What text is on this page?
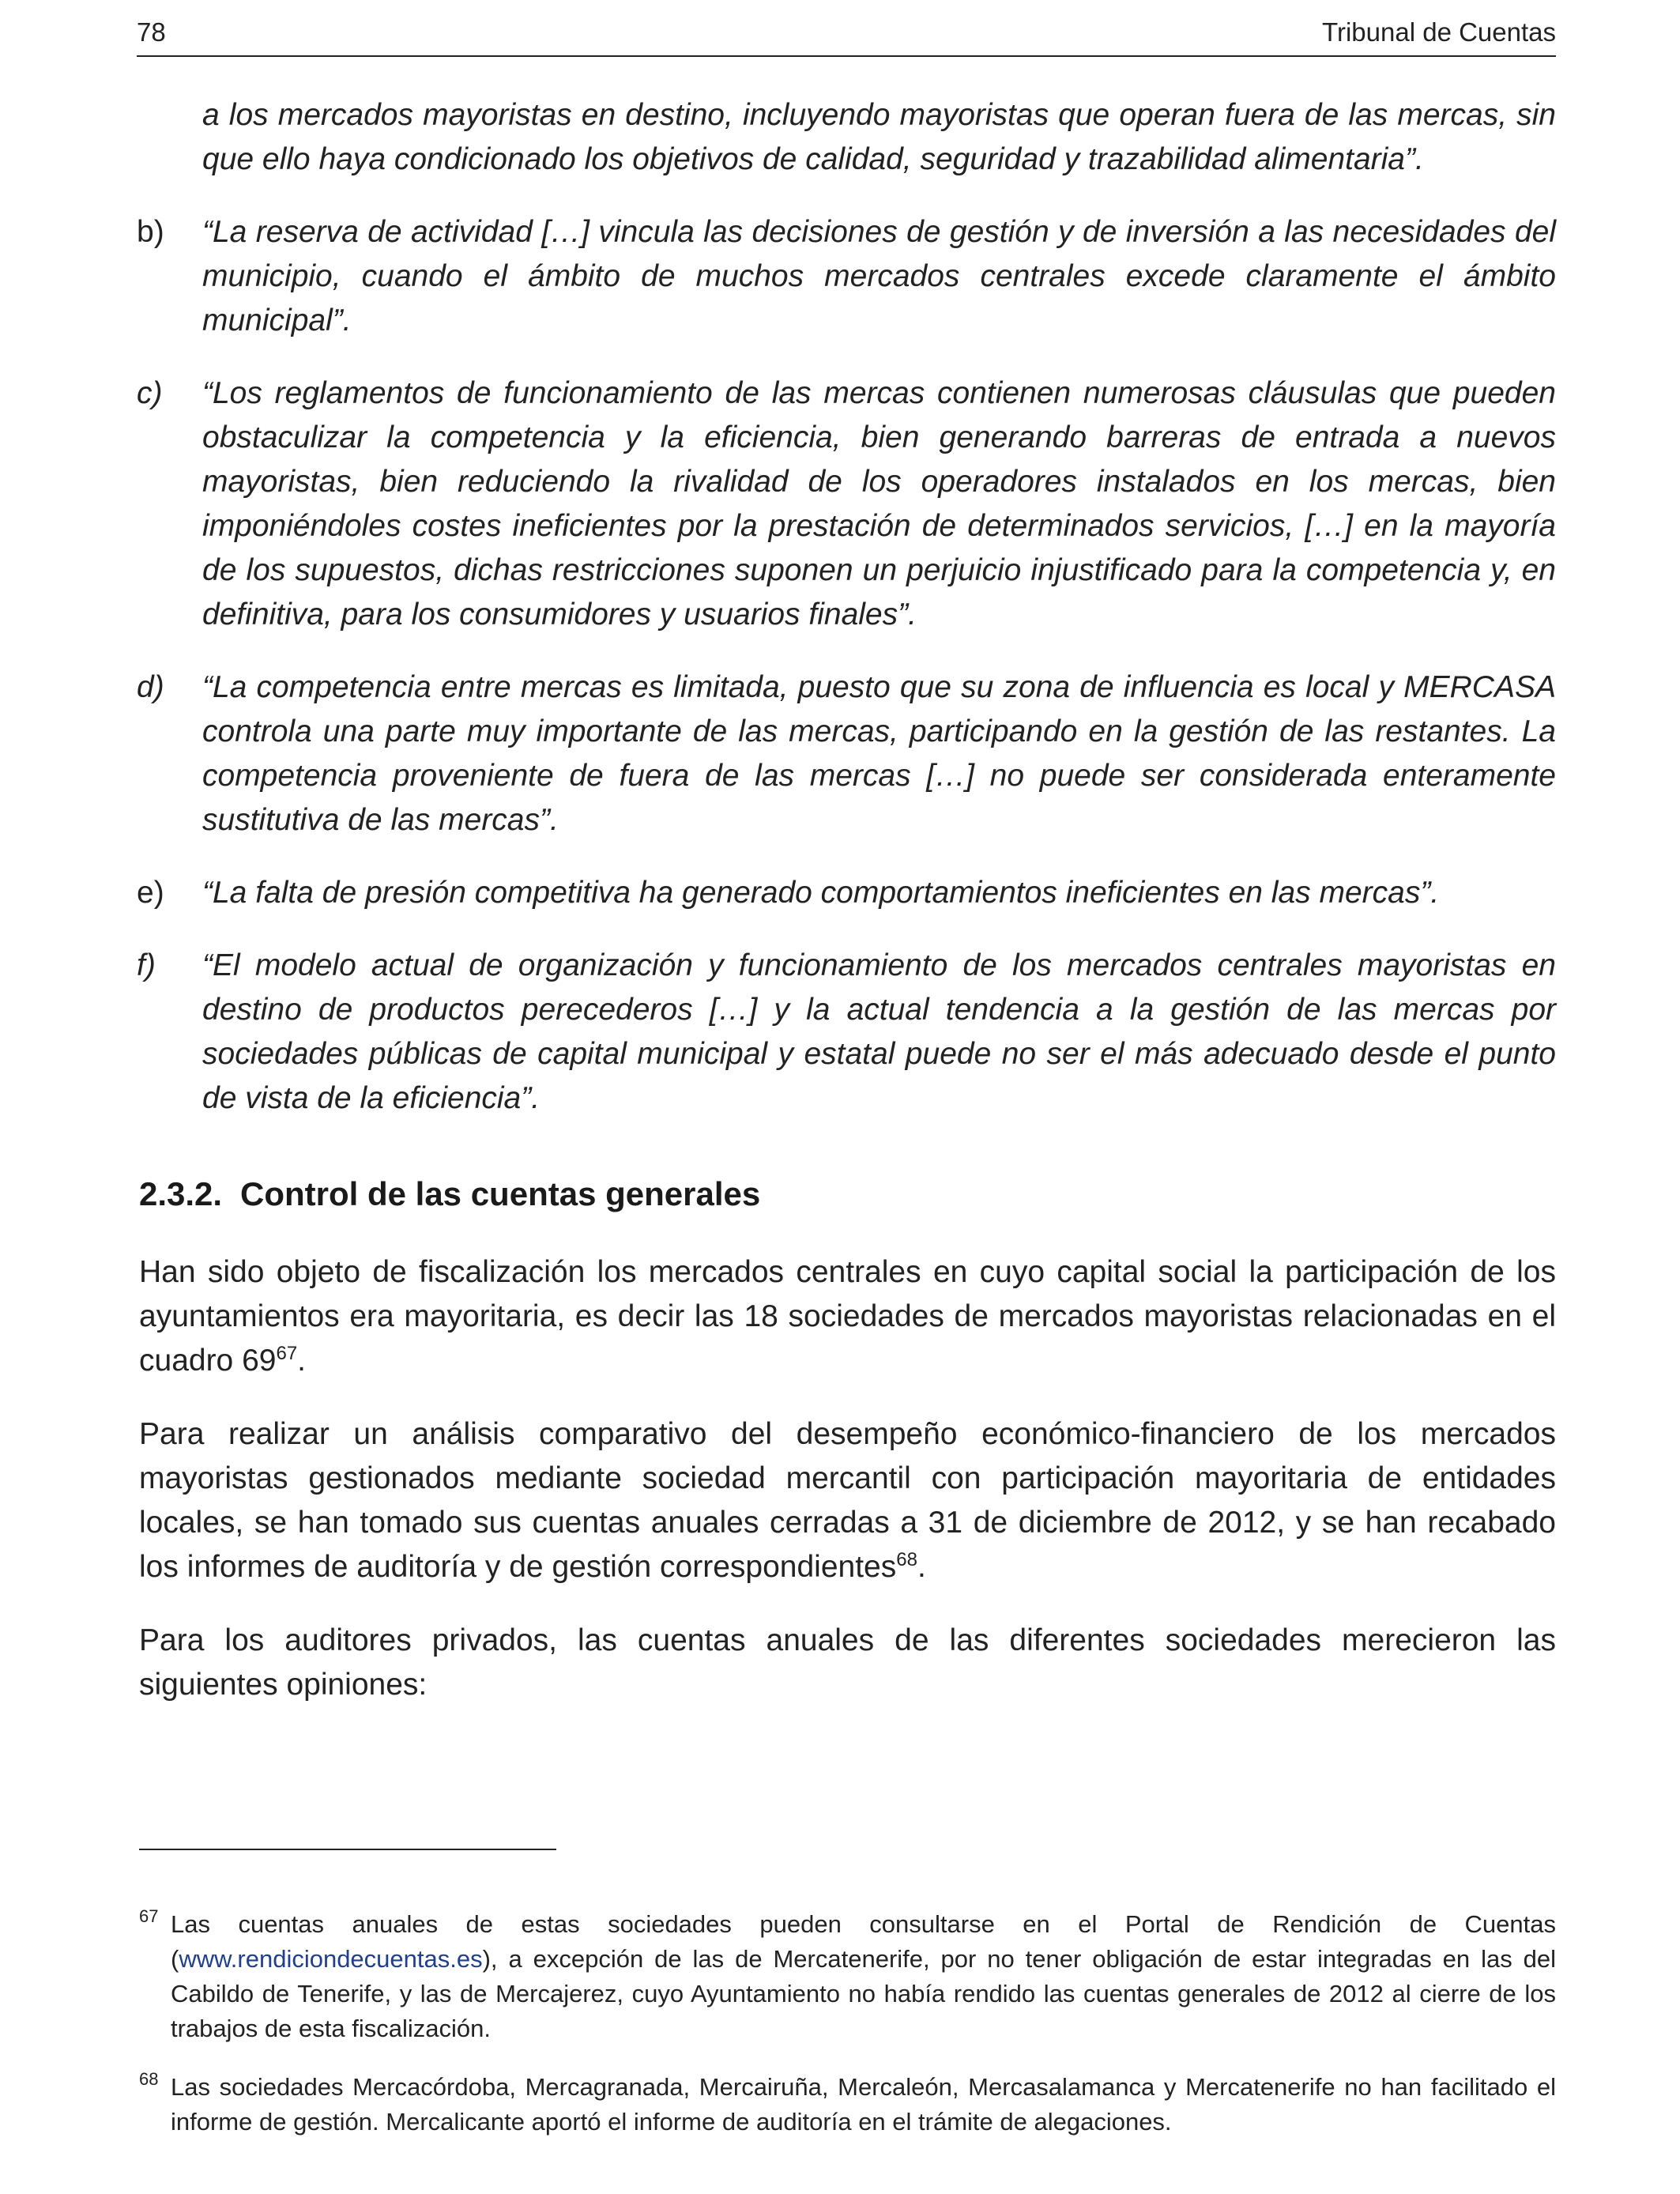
78	Tribunal de Cuentas
a los mercados mayoristas en destino, incluyendo mayoristas que operan fuera de las mercas, sin que ello haya condicionado los objetivos de calidad, seguridad y trazabilidad alimentaria”.
b)	“La reserva de actividad […] vincula las decisiones de gestión y de inversión a las necesidades del municipio, cuando el ámbito de muchos mercados centrales excede claramente el ámbito municipal”.
c)	“Los reglamentos de funcionamiento de las mercas contienen numerosas cláusulas que pueden obstaculizar la competencia y la eficiencia, bien generando barreras de entrada a nuevos mayoristas, bien reduciendo la rivalidad de los operadores instalados en los mercas, bien imponiéndoles costes ineficientes por la prestación de determinados servicios, […] en la mayoría de los supuestos, dichas restricciones suponen un perjuicio injustificado para la competencia y, en definitiva, para los consumidores y usuarios finales”.
d)	“La competencia entre mercas es limitada, puesto que su zona de influencia es local y MERCASA controla una parte muy importante de las mercas, participando en la gestión de las restantes. La competencia proveniente de fuera de las mercas […] no puede ser considerada enteramente sustitutiva de las mercas”.
e)	“La falta de presión competitiva ha generado comportamientos ineficientes en las mercas”.
f)	“El modelo actual de organización y funcionamiento de los mercados centrales mayoristas en destino de productos perecederos […] y la actual tendencia a la gestión de las mercas por sociedades públicas de capital municipal y estatal puede no ser el más adecuado desde el punto de vista de la eficiencia”.
2.3.2. Control de las cuentas generales

Han sido objeto de fiscalización los mercados centrales en cuyo capital social la participación de los ayuntamientos era mayoritaria, es decir las 18 sociedades de mercados mayoristas relacionadas en el cuadro $69^{67}$.

Para realizar un análisis comparativo del desempeño económico-financiero de los mercados mayoristas gestionados mediante sociedad mercantil con participación mayoritaria de entidades locales, se han tomado sus cuentas anuales cerradas a 31 de diciembre de 2012, y se han recabado los informes de auditoría y de gestión correspondientes$^{68}$.

Para los auditores privados, las cuentas anuales de las diferentes sociedades merecieron las siguientes opiniones:

67 Las cuentas anuales de estas sociedades pueden consultarse en el Portal de Rendición de Cuentas (www.rendiciondecuentas.es), a excepción de las de Mercatenerife, por no tener obligación de estar integradas en las del Cabildo de Tenerife, y las de Mercajerez, cuyo Ayuntamiento no había rendido las cuentas generales de 2012 al cierre de los trabajos de esta fiscalización.
68 Las sociedades Mercacórdoba, Mercagranada, Mercairuña, Mercaleón, Mercasalamanca y Mercatenerife no han facilitado el informe de gestión. Mercalicante aportó el informe de auditoría en el trámite de alegaciones.
